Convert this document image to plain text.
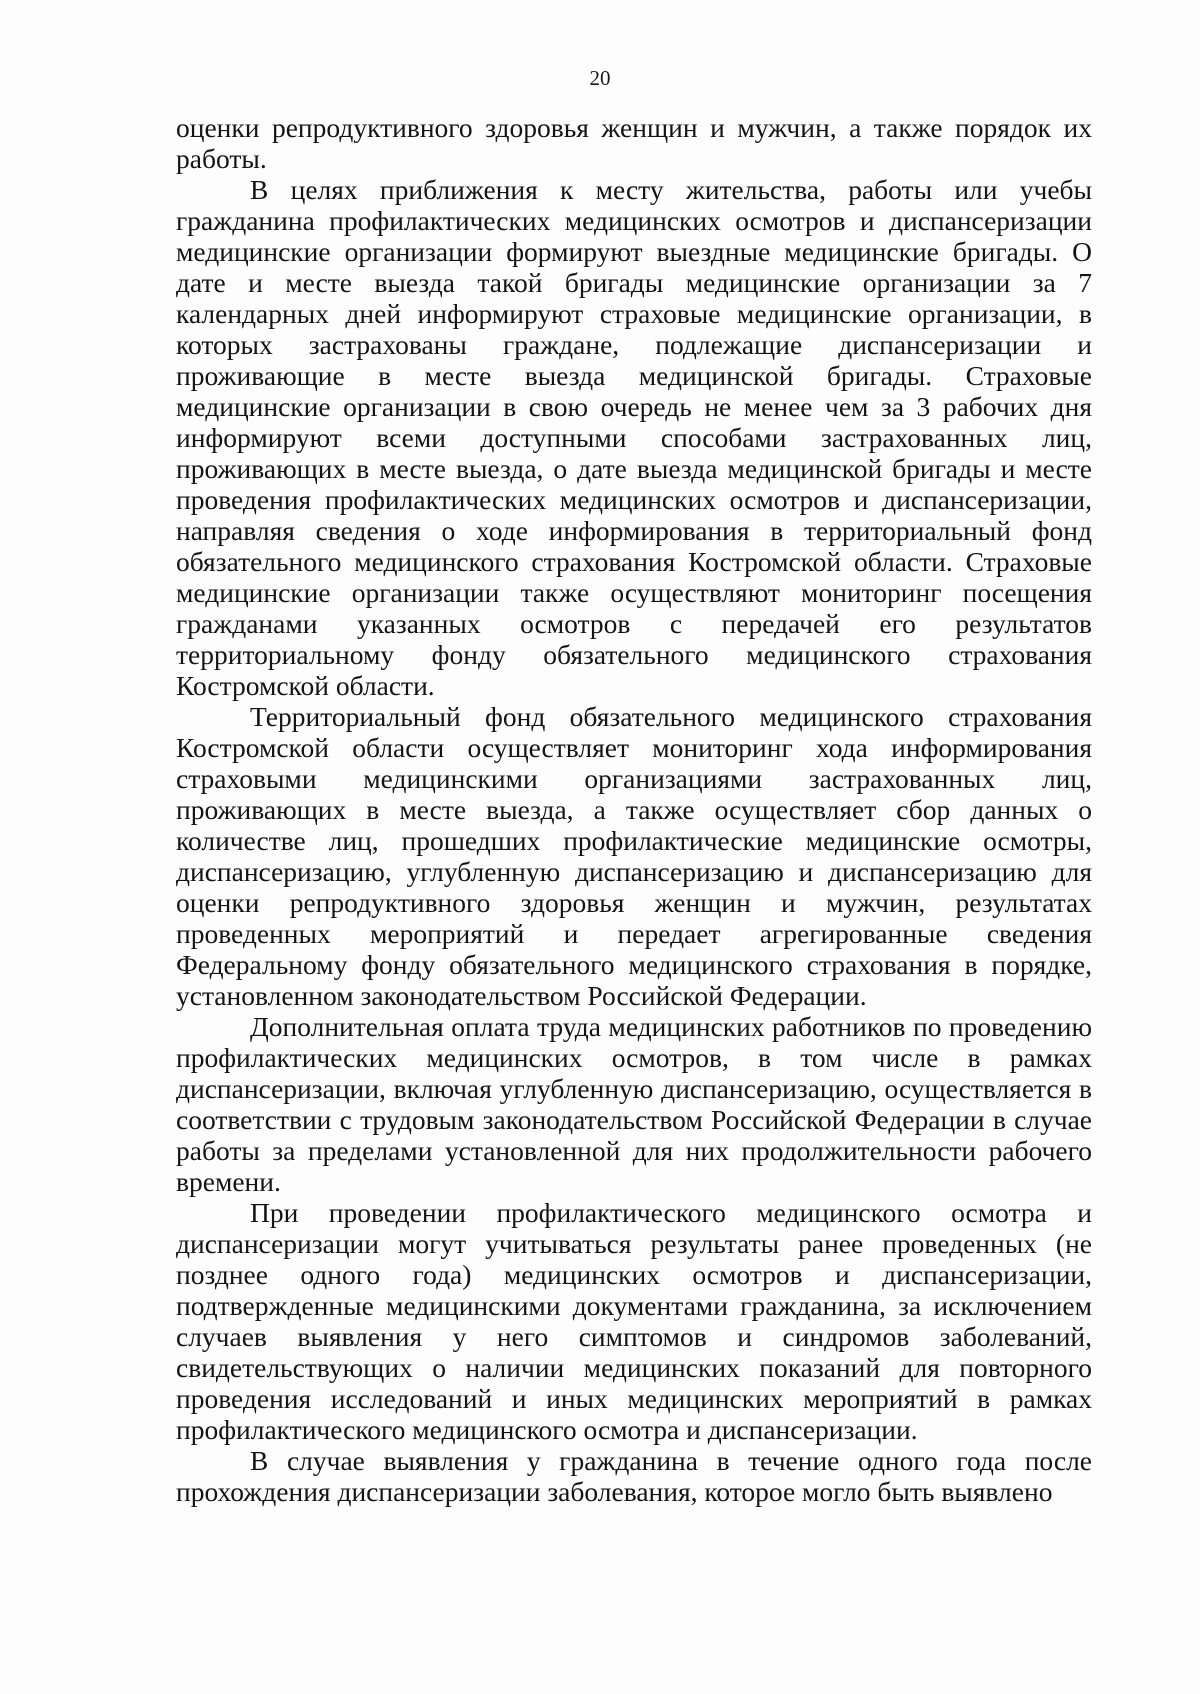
20

оценки репродуктивного здоровья женщин и мужчин, а также порядок их работы.

В целях приближения к месту жительства, работы или учебы гражданина профилактических медицинских осмотров и диспансеризации медицинские организации формируют выездные медицинские бригады. О дате и месте выезда такой бригады медицинские организации за 7 календарных дней информируют страховые медицинские организации, в которых застрахованы граждане, подлежащие диспансеризации и проживающие в месте выезда медицинской бригады. Страховые медицинские организации в свою очередь не менее чем за 3 рабочих дня информируют всеми доступными способами застрахованных лиц, проживающих в месте выезда, о дате выезда медицинской бригады и месте проведения профилактических медицинских осмотров и диспансеризации, направляя сведения о ходе информирования в территориальный фонд обязательного медицинского страхования Костромской области. Страховые медицинские организации также осуществляют мониторинг посещения гражданами указанных осмотров с передачей его результатов территориальному фонду обязательного медицинского страхования Костромской области.

Территориальный фонд обязательного медицинского страхования Костромской области осуществляет мониторинг хода информирования страховыми медицинскими организациями застрахованных лиц, проживающих в месте выезда, а также осуществляет сбор данных о количестве лиц, прошедших профилактические медицинские осмотры, диспансеризацию, углубленную диспансеризацию и диспансеризацию для оценки репродуктивного здоровья женщин и мужчин, результатах проведенных мероприятий и передает агрегированные сведения Федеральному фонду обязательного медицинского страхования в порядке, установленном законодательством Российской Федерации.

Дополнительная оплата труда медицинских работников по проведению профилактических медицинских осмотров, в том числе в рамках диспансеризации, включая углубленную диспансеризацию, осуществляется в соответствии с трудовым законодательством Российской Федерации в случае работы за пределами установленной для них продолжительности рабочего времени.

При проведении профилактического медицинского осмотра и диспансеризации могут учитываться результаты ранее проведенных (не позднее одного года) медицинских осмотров и диспансеризации, подтвержденные медицинскими документами гражданина, за исключением случаев выявления у него симптомов и синдромов заболеваний, свидетельствующих о наличии медицинских показаний для повторного проведения исследований и иных медицинских мероприятий в рамках профилактического медицинского осмотра и диспансеризации.

В случае выявления у гражданина в течение одного года после прохождения диспансеризации заболевания, которое могло быть выявлено
